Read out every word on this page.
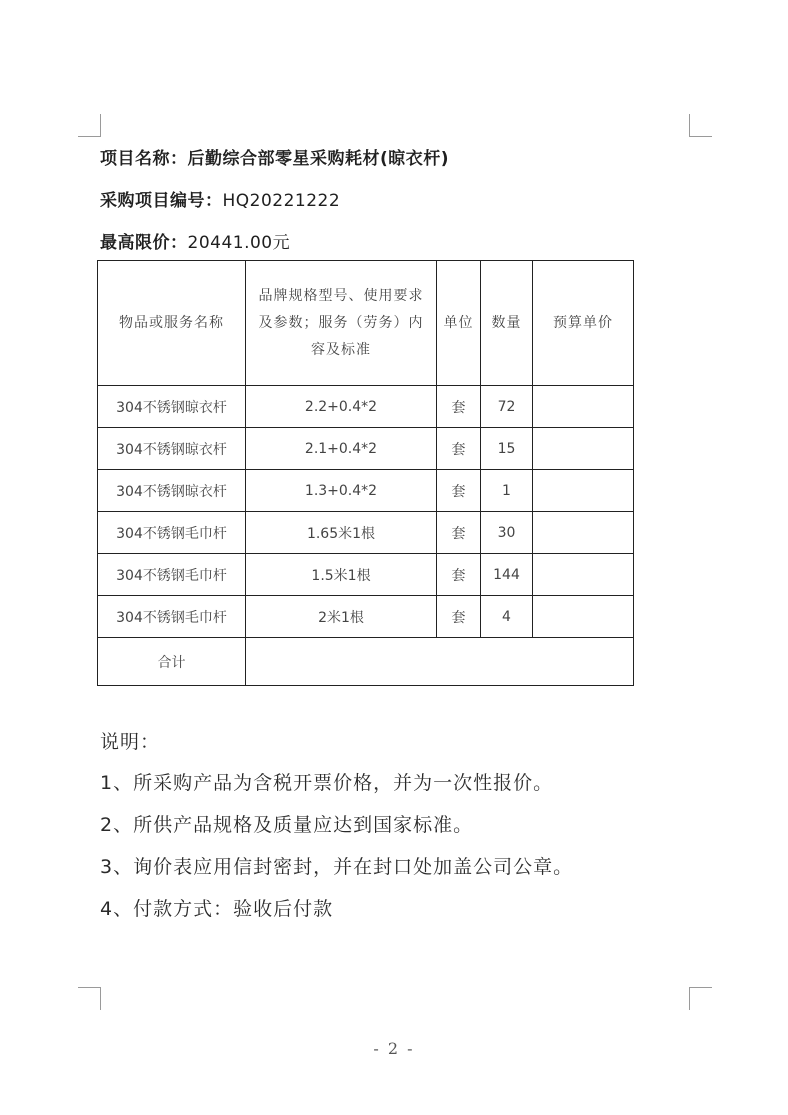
项目名称：后勤综合部零星采购耗材(晾衣杆)
采购项目编号：HQ20221222
最高限价：20441.00元
物品或服务名称	品牌规格型号、使用要求及参数；服务（劳务）内容及标准	单位	数量	预算单价
304不锈钢晾衣杆	2.2+0.4*2	套	72	
304不锈钢晾衣杆	2.1+0.4*2	套	15	
304不锈钢晾衣杆	1.3+0.4*2	套	1	
304不锈钢毛巾杆	1.65米1根	套	30	
304不锈钢毛巾杆	1.5米1根	套	144	
304不锈钢毛巾杆	2米1根	套	4	
合计				
说明：
1、所采购产品为含税开票价格，并为一次性报价。
2、所供产品规格及质量应达到国家标准。
3、询价表应用信封密封，并在封口处加盖公司公章。
4、付款方式：验收后付款
- 2 -
